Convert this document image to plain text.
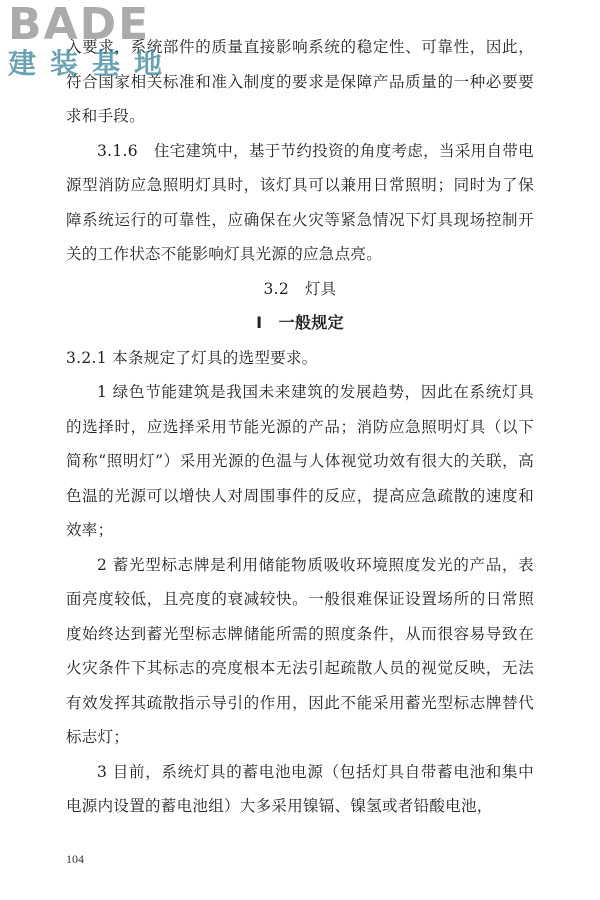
BADE
建装基地

入要求，系统部件的质量直接影响系统的稳定性、可靠性，因此，符合国家相关标准和准入制度的要求是保障产品质量的一种必要要求和手段。

3.1.6　住宅建筑中，基于节约投资的角度考虑，当采用自带电源型消防应急照明灯具时，该灯具可以兼用日常照明；同时为了保障系统运行的可靠性，应确保在火灾等紧急情况下灯具现场控制开关的工作状态不能影响灯具光源的应急点亮。

3.2　灯具

Ⅰ　一般规定

3.2.1 本条规定了灯具的选型要求。

1 绿色节能建筑是我国未来建筑的发展趋势，因此在系统灯具的选择时，应选择采用节能光源的产品；消防应急照明灯具（以下简称“照明灯”）采用光源的色温与人体视觉功效有很大的关联，高色温的光源可以增快人对周围事件的反应，提高应急疏散的速度和效率；

2 蓄光型标志牌是利用储能物质吸收环境照度发光的产品，表面亮度较低，且亮度的衰减较快。一般很难保证设置场所的日常照度始终达到蓄光型标志牌储能所需的照度条件，从而很容易导致在火灾条件下其标志的亮度根本无法引起疏散人员的视觉反映，无法有效发挥其疏散指示导引的作用，因此不能采用蓄光型标志牌替代标志灯；

3 目前，系统灯具的蓄电池电源（包括灯具自带蓄电池和集中电源内设置的蓄电池组）大多采用镍镉、镍氢或者铅酸电池，

104
